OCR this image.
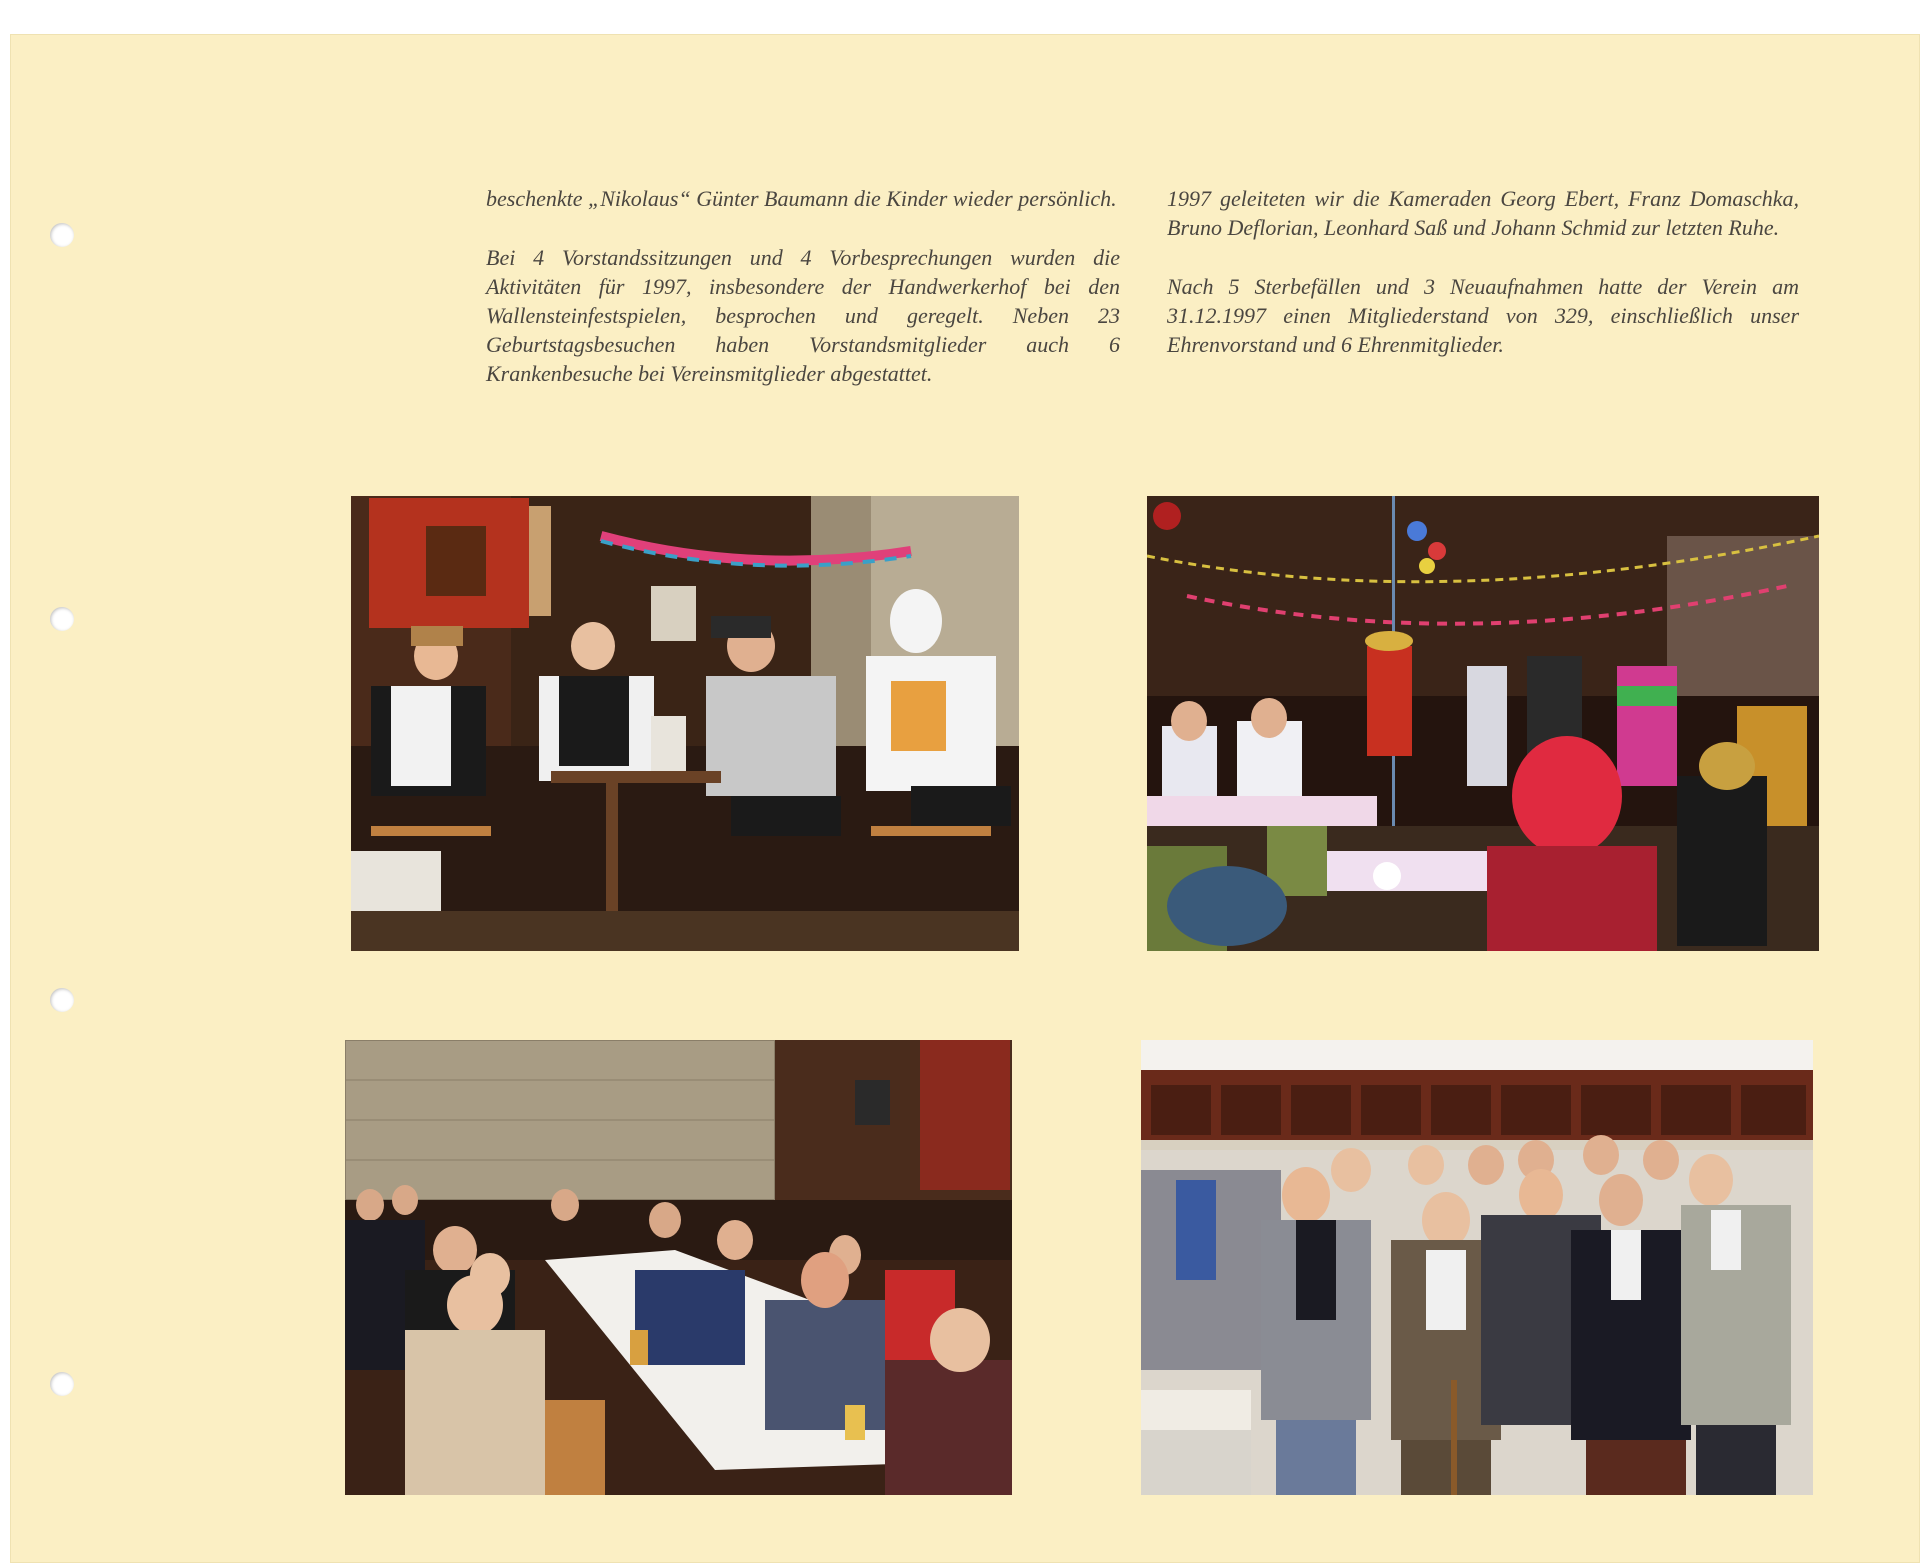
beschenkte „Nikolaus“ Günter Baumann die Kinder wieder persönlich.

Bei 4 Vorstandssitzungen und 4 Vorbesprechungen wurden die Aktivitäten für 1997, insbesondere der Handwerkerhof bei den Wallensteinfestspielen, besprochen und geregelt. Neben 23 Geburtstagsbesuchen haben Vorstandsmitglieder auch 6 Krankenbesuche bei Vereinsmitglieder abgestattet.

1997 geleiteten wir die Kameraden Georg Ebert, Franz Domaschka, Bruno Deflorian, Leonhard Saß und Johann Schmid zur letzten Ruhe.

Nach 5 Sterbefällen und 3 Neuaufnahmen hatte der Verein am 31.12.1997 einen Mitgliederstand von 329, einschließlich unser Ehrenvorstand und 6 Ehrenmitglieder.
